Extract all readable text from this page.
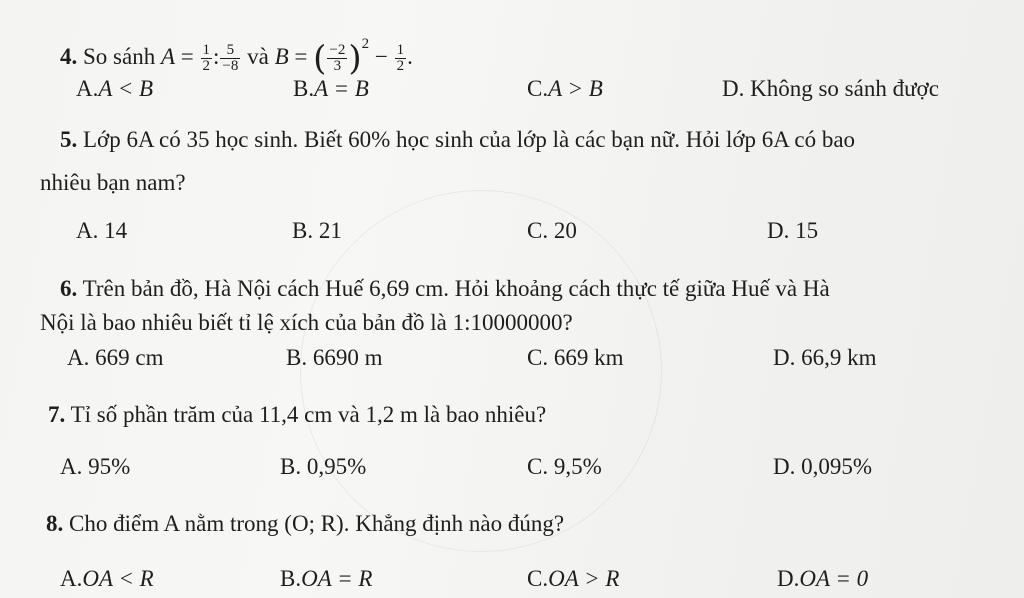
4. So sánh $A = \frac{1}{2}$ : $\frac{5}{-8}$ và B = ( $\frac{-2}{3} )^2 - \frac{1}{2}$ .
A.A < B	B.A = B	C.A > B	D. Không so sánh được
5. Lớp 6A có 35 học sinh. Biết 60% học sinh của lớp là các bạn nữ. Hỏi lớp 6A có bao
nhiêu bạn nam?
A. 14	B. 21	C. 20	D. 15
6. Trên bản đồ, Hà Nội cách Huế 6,69 cm. Hỏi khoảng cách thực tế giữa Huế và Hà
Nội là bao nhiêu biết tỉ lệ xích của bản đồ là 1:10000000?
A. 669 cm	B. 6690 m	C. 669 km	D. 66,9 km
7. Tỉ số phần trăm của 11,4 cm và 1,2 m là bao nhiêu?
A. 95%	B. 0,95%	C. 9,5%	D. 0,095%
8. Cho điểm A nằm trong (O; R). Khẳng định nào đúng?
A.OA < R	B.OA = R	C.OA > R	D.OA = 0
